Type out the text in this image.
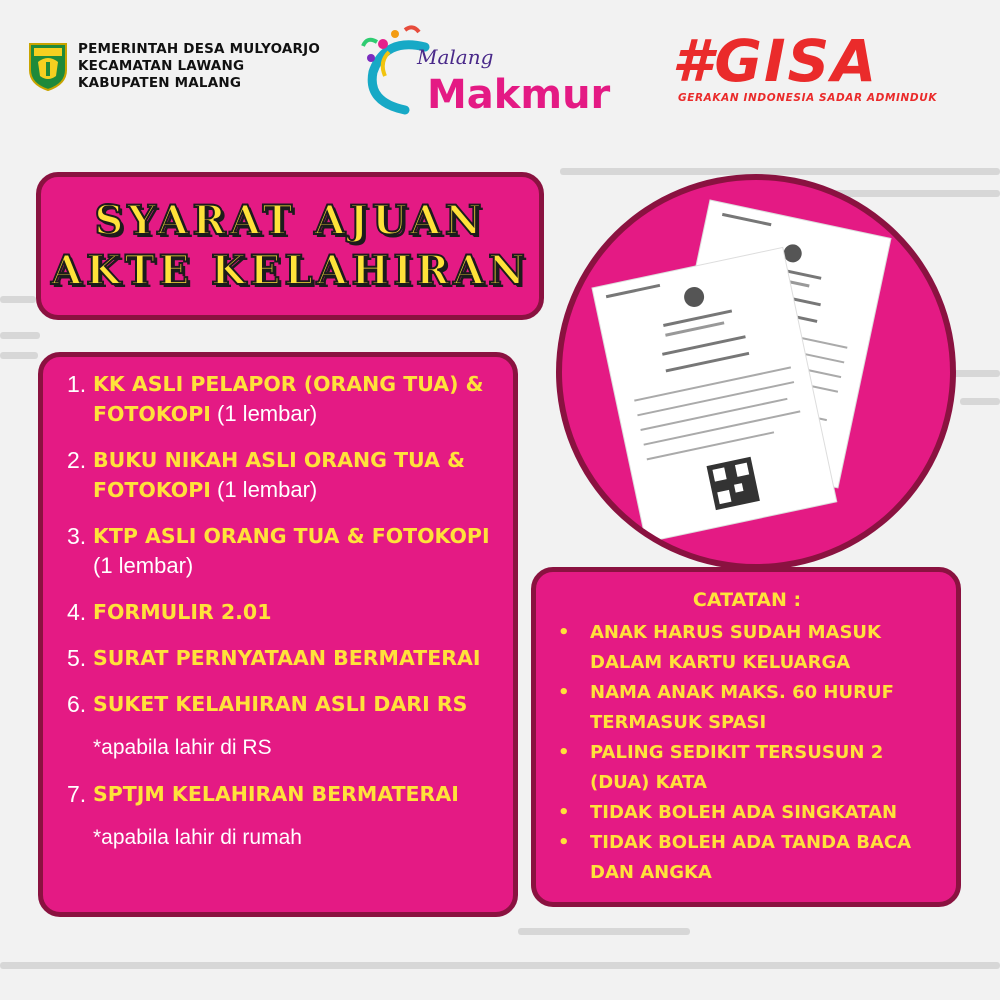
PEMERINTAH DESA MULYOARJO
KECAMATAN LAWANG
KABUPATEN MALANG
Malang
Makmur #GISA
GERAKAN INDONESIA SADAR ADMINDUK
SYARAT AJUAN
AKTE KELAHIRAN
1. KK ASLI PELAPOR (ORANG TUA) & FOTOKOPI (1 lembar)
2. BUKU NIKAH ASLI ORANG TUA & FOTOKOPI (1 lembar)
3. KTP ASLI ORANG TUA & FOTOKOPI (1 lembar)
4. FORMULIR 2.01
5. SURAT PERNYATAAN BERMATERAI
6. SUKET KELAHIRAN ASLI DARI RS
*apabila lahir di RS
7. SPTJM KELAHIRAN BERMATERAI
*apabila lahir di rumah
CATATAN :
•	ANAK HARUS SUDAH MASUK DALAM KARTU KELUARGA
•	NAMA ANAK MAKS. 60 HURUF TERMASUK SPASI
•	PALING SEDIKIT TERSUSUN 2 (DUA) KATA
•	TIDAK BOLEH ADA SINGKATAN
•	TIDAK BOLEH ADA TANDA BACA DAN ANGKA
